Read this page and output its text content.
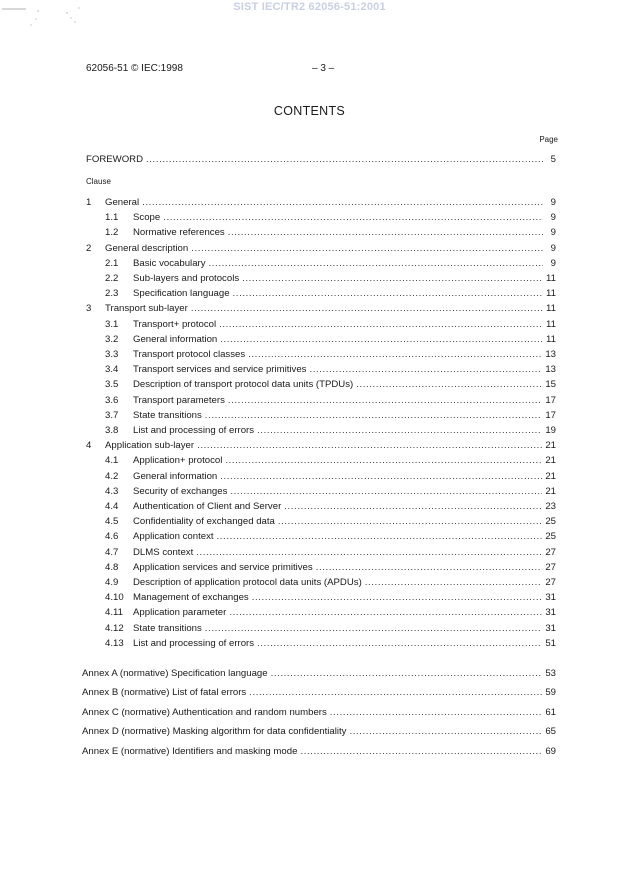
SIST IEC/TR2 62056-51:2001
62056-51 © IEC:1998	– 3 –
CONTENTS
Page
FOREWORD .....	5
Clause
1	General .....	9
1.1	Scope .....	9
1.2	Normative references .....	9
2	General description .....	9
2.1	Basic vocabulary .....	9
2.2	Sub-layers and protocols .....	11
2.3	Specification language .....	11
3	Transport sub-layer .....	11
3.1	Transport+ protocol .....	11
3.2	General information .....	11
3.3	Transport protocol classes .....	13
3.4	Transport services and service primitives .....	13
3.5	Description of transport protocol data units (TPDUs) .....	15
3.6	Transport parameters .....	17
3.7	State transitions .....	17
3.8	List and processing of errors .....	19
4	Application sub-layer .....	21
4.1	Application+ protocol .....	21
4.2	General information .....	21
4.3	Security of exchanges .....	21
4.4	Authentication of Client and Server .....	23
4.5	Confidentiality of exchanged data .....	25
4.6	Application context .....	25
4.7	DLMS context .....	27
4.8	Application services and service primitives .....	27
4.9	Description of application protocol data units (APDUs) .....	27
4.10 Management of exchanges .....	31
4.11	Application parameter .....	31
4.12 State transitions .....	31
4.13 List and processing of errors .....	51
Annex A (normative) Specification language .....	53
Annex B (normative) List of fatal errors .....	59
Annex C (normative) Authentication and random numbers .....	61
Annex D (normative) Masking algorithm for data confidentiality .....	65
Annex E (normative) Identifiers and masking mode .....	69
